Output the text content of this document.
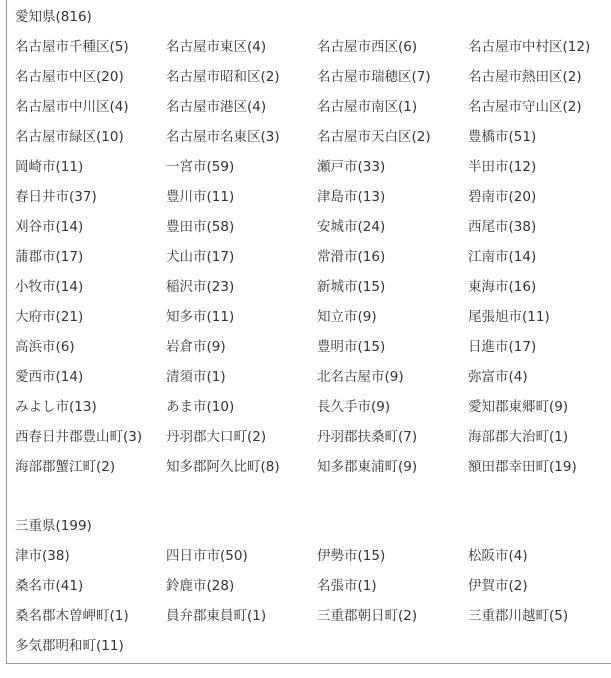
愛知県(816)
名古屋市千種区(5)	名古屋市東区(4)	名古屋市西区(6)	名古屋市中村区(12)
名古屋市中区(20)	名古屋市昭和区(2)	名古屋市瑞穂区(7)	名古屋市熱田区(2)
名古屋市中川区(4)	名古屋市港区(4)	名古屋市南区(1)	名古屋市守山区(2)
名古屋市緑区(10)	名古屋市名東区(3)	名古屋市天白区(2)	豊橋市(51)
岡崎市(11)	一宮市(59)	瀬戸市(33)	半田市(12)
春日井市(37)	豊川市(11)	津島市(13)	碧南市(20)
刈谷市(14)	豊田市(58)	安城市(24)	西尾市(38)
蒲郡市(17)	犬山市(17)	常滑市(16)	江南市(14)
小牧市(14)	稲沢市(23)	新城市(15)	東海市(16)
大府市(21)	知多市(11)	知立市(9)	尾張旭市(11)
高浜市(6)	岩倉市(9)	豊明市(15)	日進市(17)
愛西市(14)	清須市(1)	北名古屋市(9)	弥富市(4)
みよし市(13)	あま市(10)	長久手市(9)	愛知郡東郷町(9)
西春日井郡豊山町(3)	丹羽郡大口町(2)	丹羽郡扶桑町(7)	海部郡大治町(1)
海部郡蟹江町(2)	知多郡阿久比町(8)	知多郡東浦町(9)	額田郡幸田町(19)
三重県(199)
津市(38)	四日市市(50)	伊勢市(15)	松阪市(4)
桑名市(41)	鈴鹿市(28)	名張市(1)	伊賀市(2)
桑名郡木曽岬町(1)	員弁郡東員町(1)	三重郡朝日町(2)	三重郡川越町(5)
多気郡明和町(11)
